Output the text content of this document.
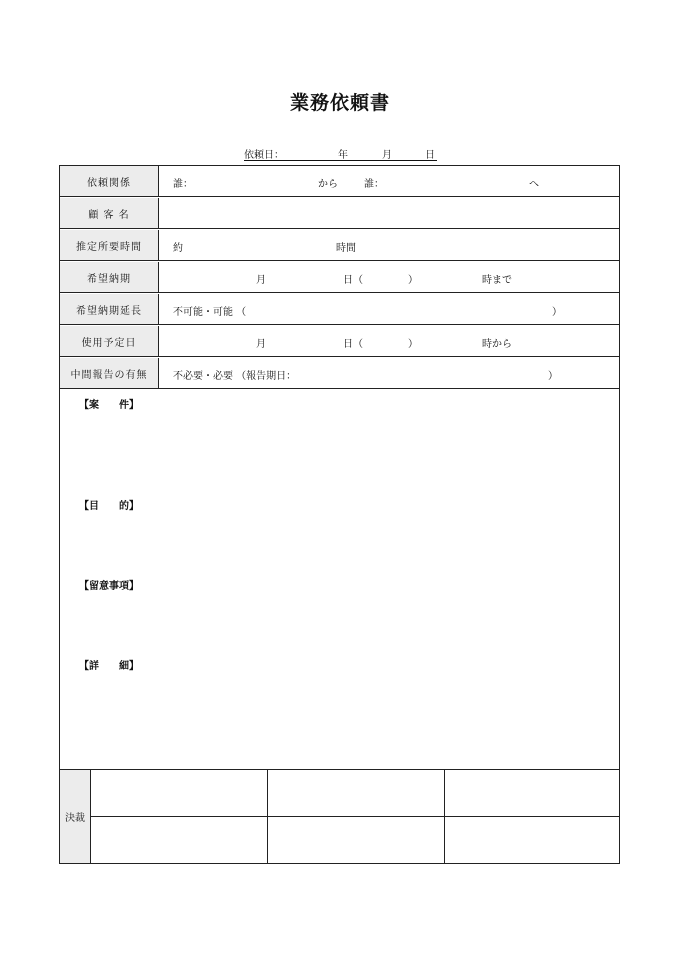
業務依頼書
依頼日：	年	月	日
依頼関係	誰：	から	誰：	へ
顧 客 名
推定所要時間	約	時間
希望納期	月	日（	）	時まで
希望納期延長	不可能・可能 （	）
使用予定日	月	日（	）	時から
中間報告の有無	不必要・必要 （報告期日：	）
【案　　件】
【目　　的】
【留意事項】
【詳　　細】
決裁
